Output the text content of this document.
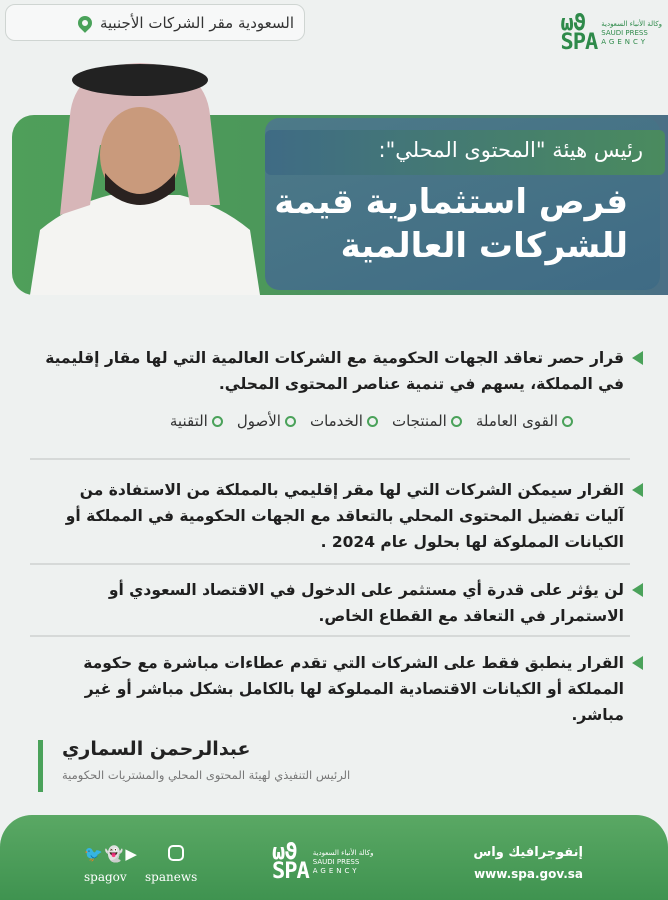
السعودية مقر الشركات الأجنبية	ωϑ
SPA
وكالة الأنباء السعودية
SAUDI PRESS
AGENCY
رئيس هيئة "المحتوى المحلي":
فرص استثمارية قيمة
للشركات العالمية
قرار حصر تعاقد الجهات الحكومية مع الشركات العالمية التي لها مقار إقليمية في المملكة، يسهم في تنمية عناصر المحتوى المحلي.
القوى العاملة
المنتجات
الخدمات
الأصول
التقنية
القرار سيمكن الشركات التي لها مقر إقليمي بالمملكة من الاستفادة من آليات تفضيل المحتوى المحلي بالتعاقد مع الجهات الحكومية في المملكة أو الكيانات المملوكة لها بحلول عام 2024 .
لن يؤثر على قدرة أي مستثمر على الدخول في الاقتصاد السعودي أو الاستمرار في التعاقد مع القطاع الخاص.
القرار ينطبق فقط على الشركات التي تقدم عطاءات مباشرة مع حكومة المملكة أو الكيانات الاقتصادية المملوكة لها بالكامل بشكل مباشر أو غير مباشر.
عبدالرحمن السماري
الرئيس التنفيذي لهيئة المحتوى المحلي والمشتريات الحكومية
🐦👻▶
spagov spanews
ωϑ
SPA
وكالة الأنباء السعودية
SAUDI PRESS
AGENCY
إنفوجرافيك واس
www.spa.gov.sa
